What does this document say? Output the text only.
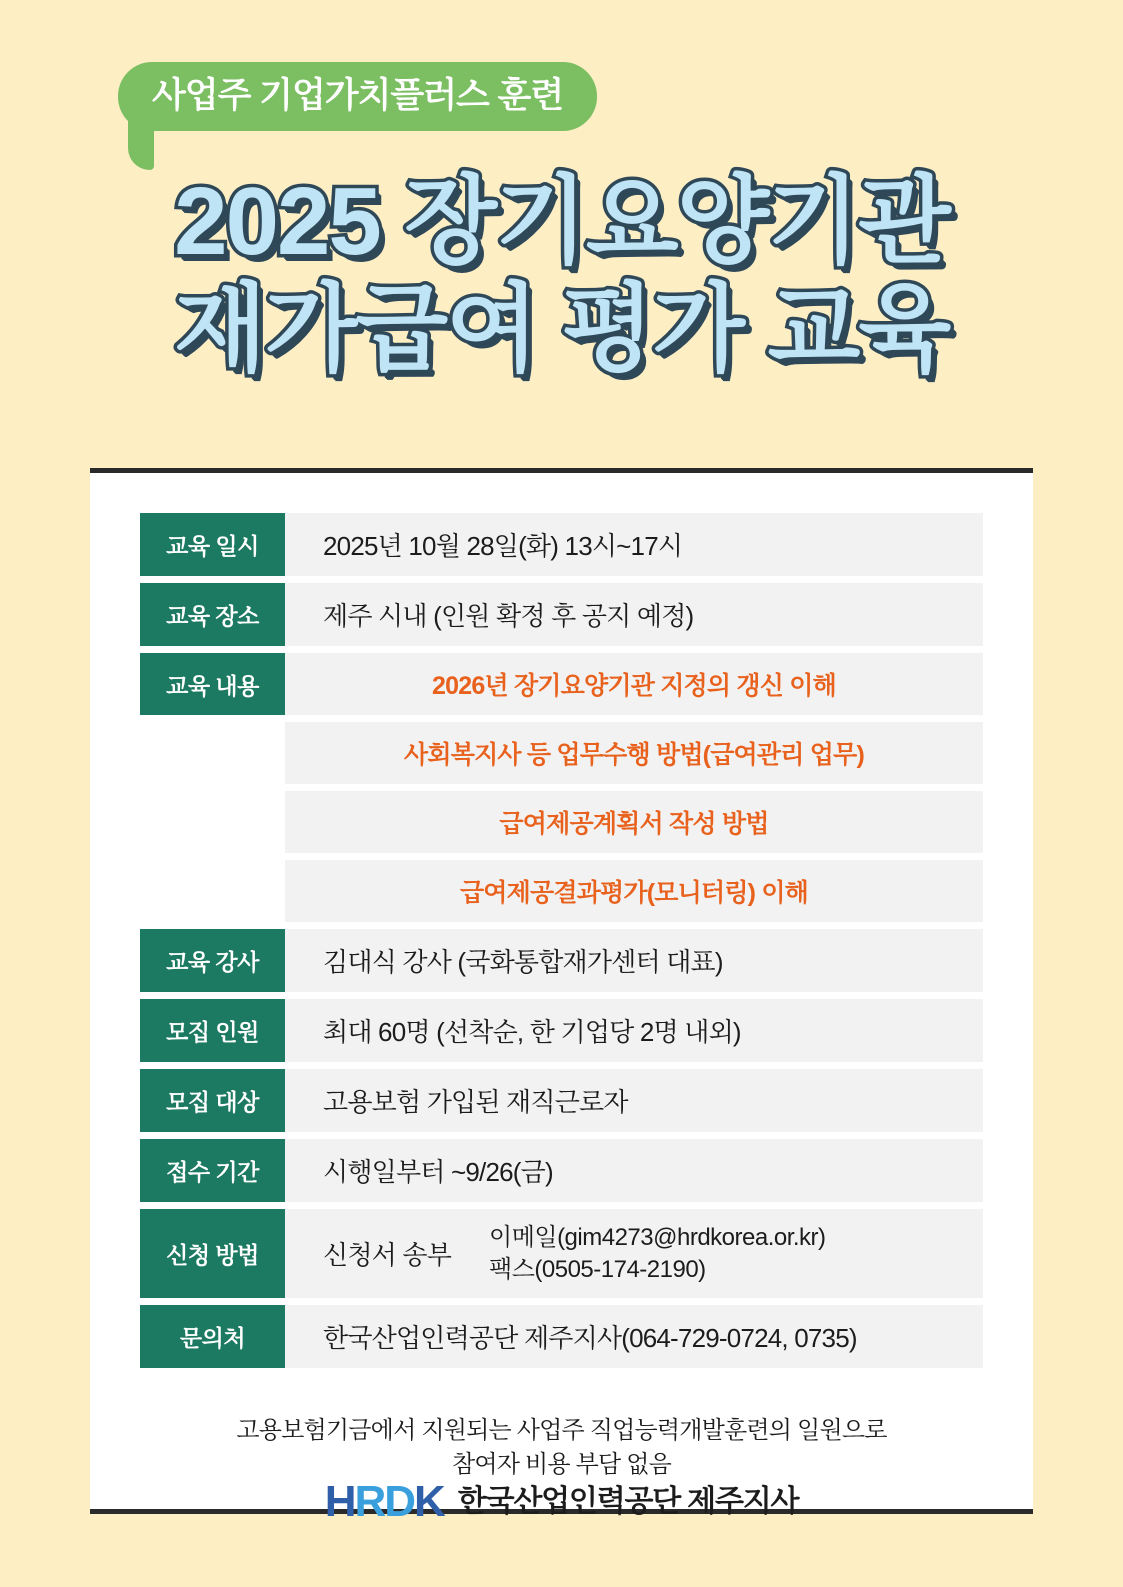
사업주 기업가치플러스 훈련
2025 장기요양기관
재가급여 평가 교육
교육 일시	2025년 10월 28일(화) 13시~17시
교육 장소	제주 시내 (인원 확정 후 공지 예정)
교육 내용	2026년 장기요양기관 지정의 갱신 이해
사회복지사 등 업무수행 방법(급여관리 업무)
급여제공계획서 작성 방법
급여제공결과평가(모니터링) 이해
교육 강사	김대식 강사 (국화통합재가센터 대표)
모집 인원	최대 60명 (선착순, 한 기업당 2명 내외)
모집 대상	고용보험 가입된 재직근로자
접수 기간	시행일부터 ~9/26(금)
신청 방법	신청서 송부
이메일(gim4273@hrdkorea.or.kr)
팩스(0505-174-2190)
문의처	한국산업인력공단 제주지사(064-729-0724, 0735)
고용보험기금에서 지원되는 사업주 직업능력개발훈련의 일원으로
참여자 비용 부담 없음
HRDK 한국산업인력공단 제주지사
